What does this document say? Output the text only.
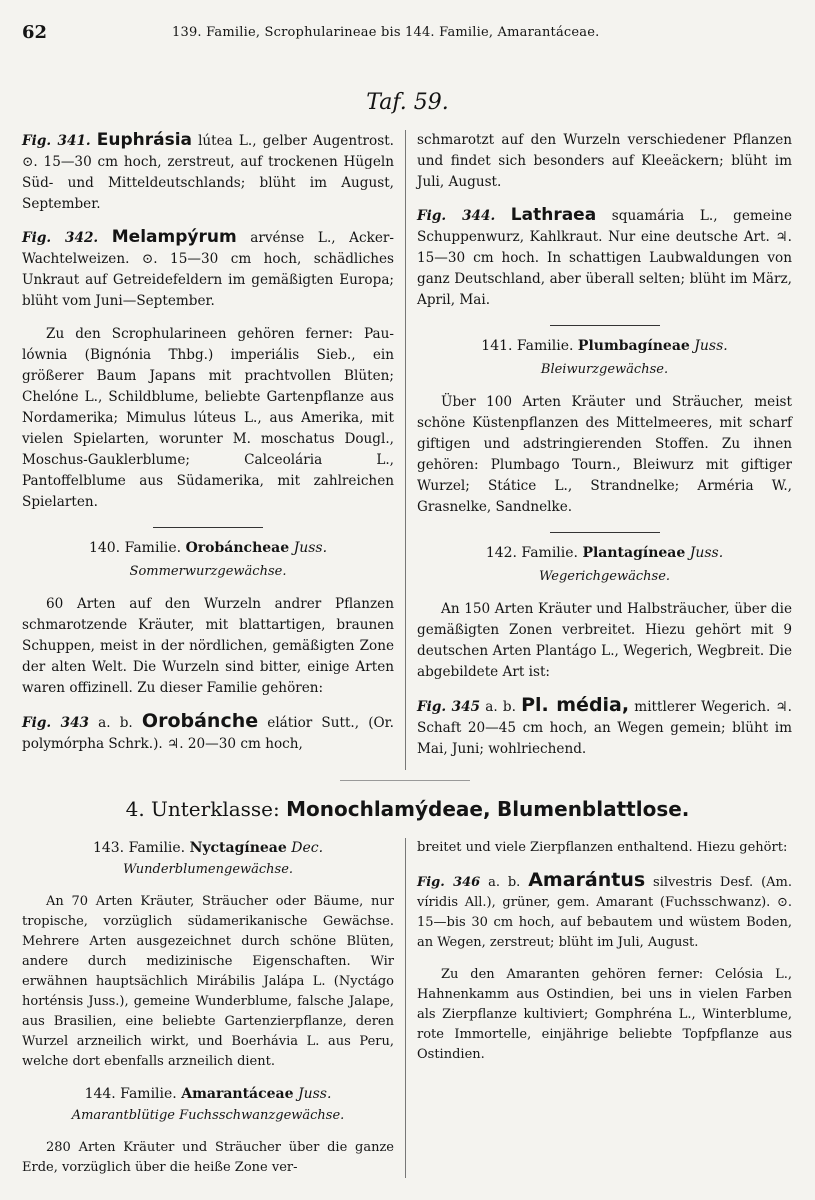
62	139. Familie, Scrophularineae bis 144. Familie, Amarantáceae.
Taf. 59.

Fig. 341. Euphrásia lútea L., gelber Augentrost. ⊙. 15—30 cm hoch, zerstreut, auf trockenen Hügeln Süd- und Mitteldeutschlands; blüht im August, September.

Fig. 342. Melampýrum arvénse L., Acker-Wachtelweizen. ⊙. 15—30 cm hoch, schädliches Unkraut auf Getreidefeldern im gemäßigten Europa; blüht vom Juni—September.

Zu den Scrophularineen gehören ferner: Paulównia (Bignónia Thbg.) imperiális Sieb., ein größerer Baum Japans mit prachtvollen Blüten; Chelóne L., Schildblume, beliebte Gartenpflanze aus Nordamerika; Mimulus lúteus L., aus Amerika, mit vielen Spielarten, worunter M. moschatus Dougl., Moschus-Gauklerblume; Calceolária L., Pantoffelblume aus Südamerika, mit zahlreichen Spielarten.

140. Familie. Orobáncheae Juss.
Sommerwurzgewächse.

60 Arten auf den Wurzeln andrer Pflanzen schmarotzende Kräuter, mit blattartigen, braunen Schuppen, meist in der nördlichen, gemäßigten Zone der alten Welt. Die Wurzeln sind bitter, einige Arten waren offizinell. Zu dieser Familie gehören:

Fig. 343 a. b. Orobánche elátior Sutt., (Or. polymórpha Schrk.). ♃. 20—30 cm hoch,

schmarotzt auf den Wurzeln verschiedener Pflanzen und findet sich besonders auf Kleeäckern; blüht im Juli, August.

Fig. 344. Lathraea squamária L., gemeine Schuppenwurz, Kahlkraut. Nur eine deutsche Art. ♃. 15—30 cm hoch. In schattigen Laubwaldungen von ganz Deutschland, aber überall selten; blüht im März, April, Mai.

141. Familie. Plumbagíneae Juss.
Bleiwurzgewächse.

Über 100 Arten Kräuter und Sträucher, meist schöne Küstenpflanzen des Mittelmeeres, mit scharf giftigen und adstringierenden Stoffen. Zu ihnen gehören: Plumbago Tourn., Bleiwurz mit giftiger Wurzel; Státice L., Strandnelke; Arméria W., Grasnelke, Sandnelke.

142. Familie. Plantagíneae Juss.
Wegerichgewächse.

An 150 Arten Kräuter und Halbsträucher, über die gemäßigten Zonen verbreitet. Hiezu gehört mit 9 deutschen Arten Plantágo L., Wegerich, Wegbreit. Die abgebildete Art ist:

Fig. 345 a. b. Pl. média, mittlerer Wegerich. ♃. Schaft 20—45 cm hoch, an Wegen gemein; blüht im Mai, Juni; wohlriechend.

4. Unterklasse: Monochlamýdeae, Blumenblattlose.
143. Familie. Nyctagíneae Dec.
Wunderblumengewächse.

An 70 Arten Kräuter, Sträucher oder Bäume, nur tropische, vorzüglich südamerikanische Gewächse. Mehrere Arten ausgezeichnet durch schöne Blüten, andere durch medizinische Eigenschaften. Wir erwähnen hauptsächlich Mirábilis Jalápa L. (Nyctágo horténsis Juss.), gemeine Wunderblume, falsche Jalape, aus Brasilien, eine beliebte Gartenzierpflanze, deren Wurzel arzneilich wirkt, und Boerhávia L. aus Peru, welche dort ebenfalls arzneilich dient.

144. Familie. Amarantáceae Juss.
Amarantblütige Fuchsschwanzgewächse.

280 Arten Kräuter und Sträucher über die ganze Erde, vorzüglich über die heiße Zone ver-

breitet und viele Zierpflanzen enthaltend. Hiezu gehört:

Fig. 346 a. b. Amarántus silvestris Desf. (Am. víridis All.), grüner, gem. Amarant (Fuchsschwanz). ⊙. 15—bis 30 cm hoch, auf bebautem und wüstem Boden, an Wegen, zerstreut; blüht im Juli, August.

Zu den Amaranten gehören ferner: Celósia L., Hahnenkamm aus Ostindien, bei uns in vielen Farben als Zierpflanze kultiviert; Gomphréna L., Winterblume, rote Immortelle, einjährige beliebte Topfpflanze aus Ostindien.
